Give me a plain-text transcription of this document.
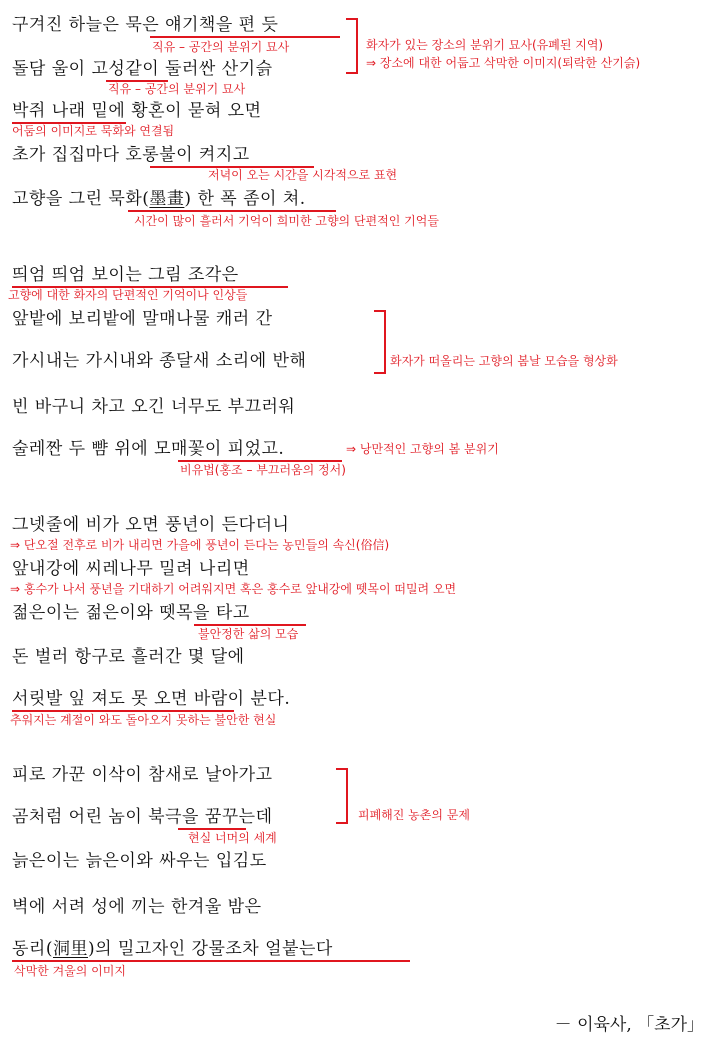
구겨진 하늘은 묵은 얘기책을 편 듯
직유 – 공간의 분위기 묘사
돌담 울이 고성같이 둘러싼 산기슭
직유 – 공간의 분위기 묘사
화자가 있는 장소의 분위기 묘사(유폐된 지역)
⇒ 장소에 대한 어둡고 삭막한 이미지(퇴락한 산기슭)
박쥐 나래 밑에 황혼이 묻혀 오면
어둠의 이미지로 묵화와 연결됨
초가 집집마다 호롱불이 켜지고
저녁이 오는 시간을 시각적으로 표현
고향을 그린 묵화(墨畫) 한 폭 좀이 쳐.
시간이 많이 흘러서 기억이 희미한 고향의 단편적인 기억들
띄엄 띄엄 보이는 그림 조각은
고향에 대한 화자의 단편적인 기억이나 인상들
앞밭에 보리밭에 말매나물 캐러 간
가시내는 가시내와 종달새 소리에 반해	화자가 떠올리는 고향의 봄날 모습을 형상화
빈 바구니 차고 오긴 너무도 부끄러워
술레짠 두 뺨 위에 모매꽃이 피었고.	⇒ 낭만적인 고향의 봄 분위기
비유법(홍조 – 부끄러움의 정서)
그넷줄에 비가 오면 풍년이 든다더니
⇒ 단오절 전후로 비가 내리면 가을에 풍년이 든다는 농민들의 속신(俗信)
앞내강에 씨레나무 밀려 나리면
⇒ 홍수가 나서 풍년을 기대하기 어려워지면 혹은 홍수로 앞내강에 뗏목이 떠밀려 오면
젊은이는 젊은이와 뗏목을 타고
불안정한 삶의 모습
돈 벌러 항구로 흘러간 몇 달에
서릿발 잎 져도 못 오면 바람이 분다.
추워지는 계절이 와도 돌아오지 못하는 불안한 현실
피로 가꾼 이삭이 참새로 날아가고
곰처럼 어린 놈이 북극을 꿈꾸는데
현실 너머의 세계
피폐해진 농촌의 문제
늙은이는 늙은이와 싸우는 입김도
벽에 서려 성에 끼는 한겨울 밤은
동리(洞里)의 밀고자인 강물조차 얼붙는다
삭막한 겨울의 이미지
－ 이육사, 「초가」
